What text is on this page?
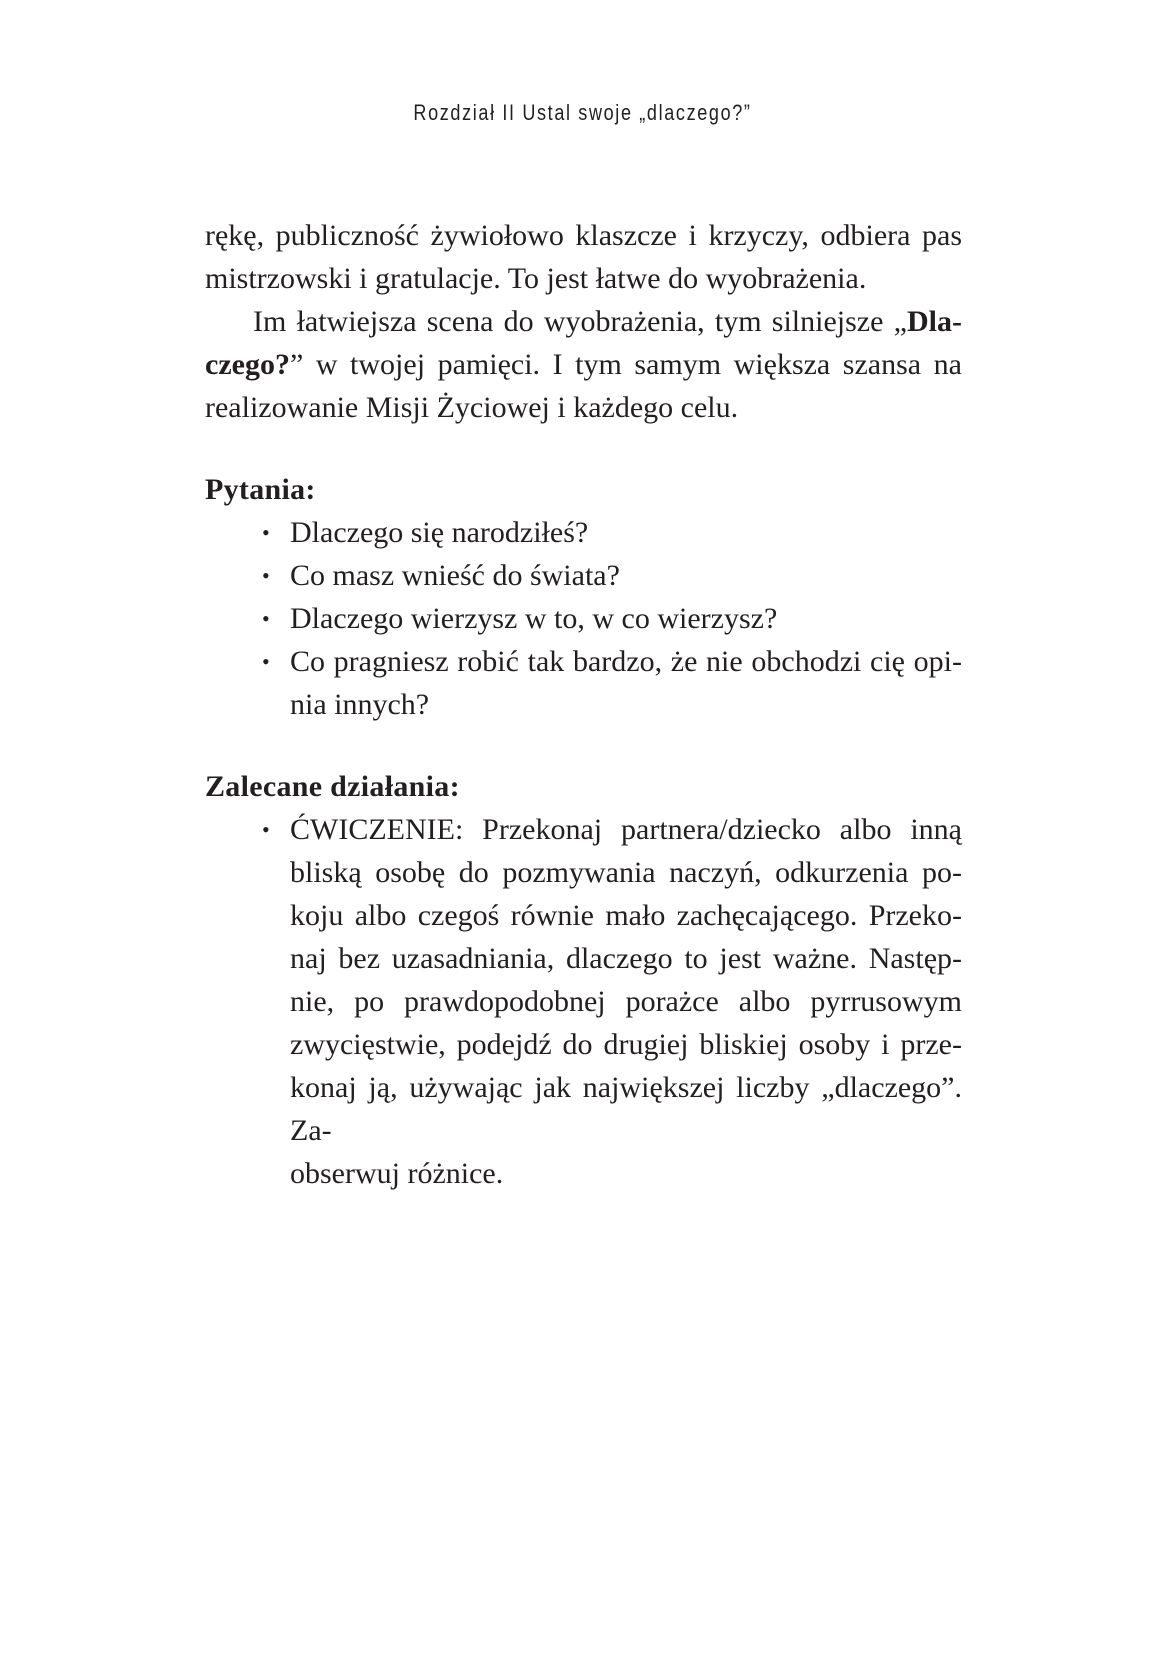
Rozdział II Ustal swoje „dlaczego?”
rękę, publiczność żywiołowo klaszcze i krzyczy, odbiera pas
mistrzowski i gratulacje. To jest łatwe do wyobrażenia.
Im łatwiejsza scena do wyobrażenia, tym silniejsze „Dla-
czego?” w twojej pamięci. I tym samym większa szansa na
realizowanie Misji Życiowej i każdego celu.
Pytania:
• Dlaczego się narodziłeś?
• Co masz wnieść do świata?
• Dlaczego wierzysz w to, w co wierzysz?
• Co pragniesz robić tak bardzo, że nie obchodzi cię opi-
nia innych?
Zalecane działania:
• ĆWICZENIE: Przekonaj partnera/dziecko albo inną
bliską osobę do pozmywania naczyń, odkurzenia po-
koju albo czegoś równie mało zachęcającego. Przeko-
naj bez uzasadniania, dlaczego to jest ważne. Następ-
nie, po prawdopodobnej porażce albo pyrrusowym
zwycięstwie, podejdź do drugiej bliskiej osoby i prze-
konaj ją, używając jak największej liczby „dlaczego”. Za-
obserwuj różnice.
